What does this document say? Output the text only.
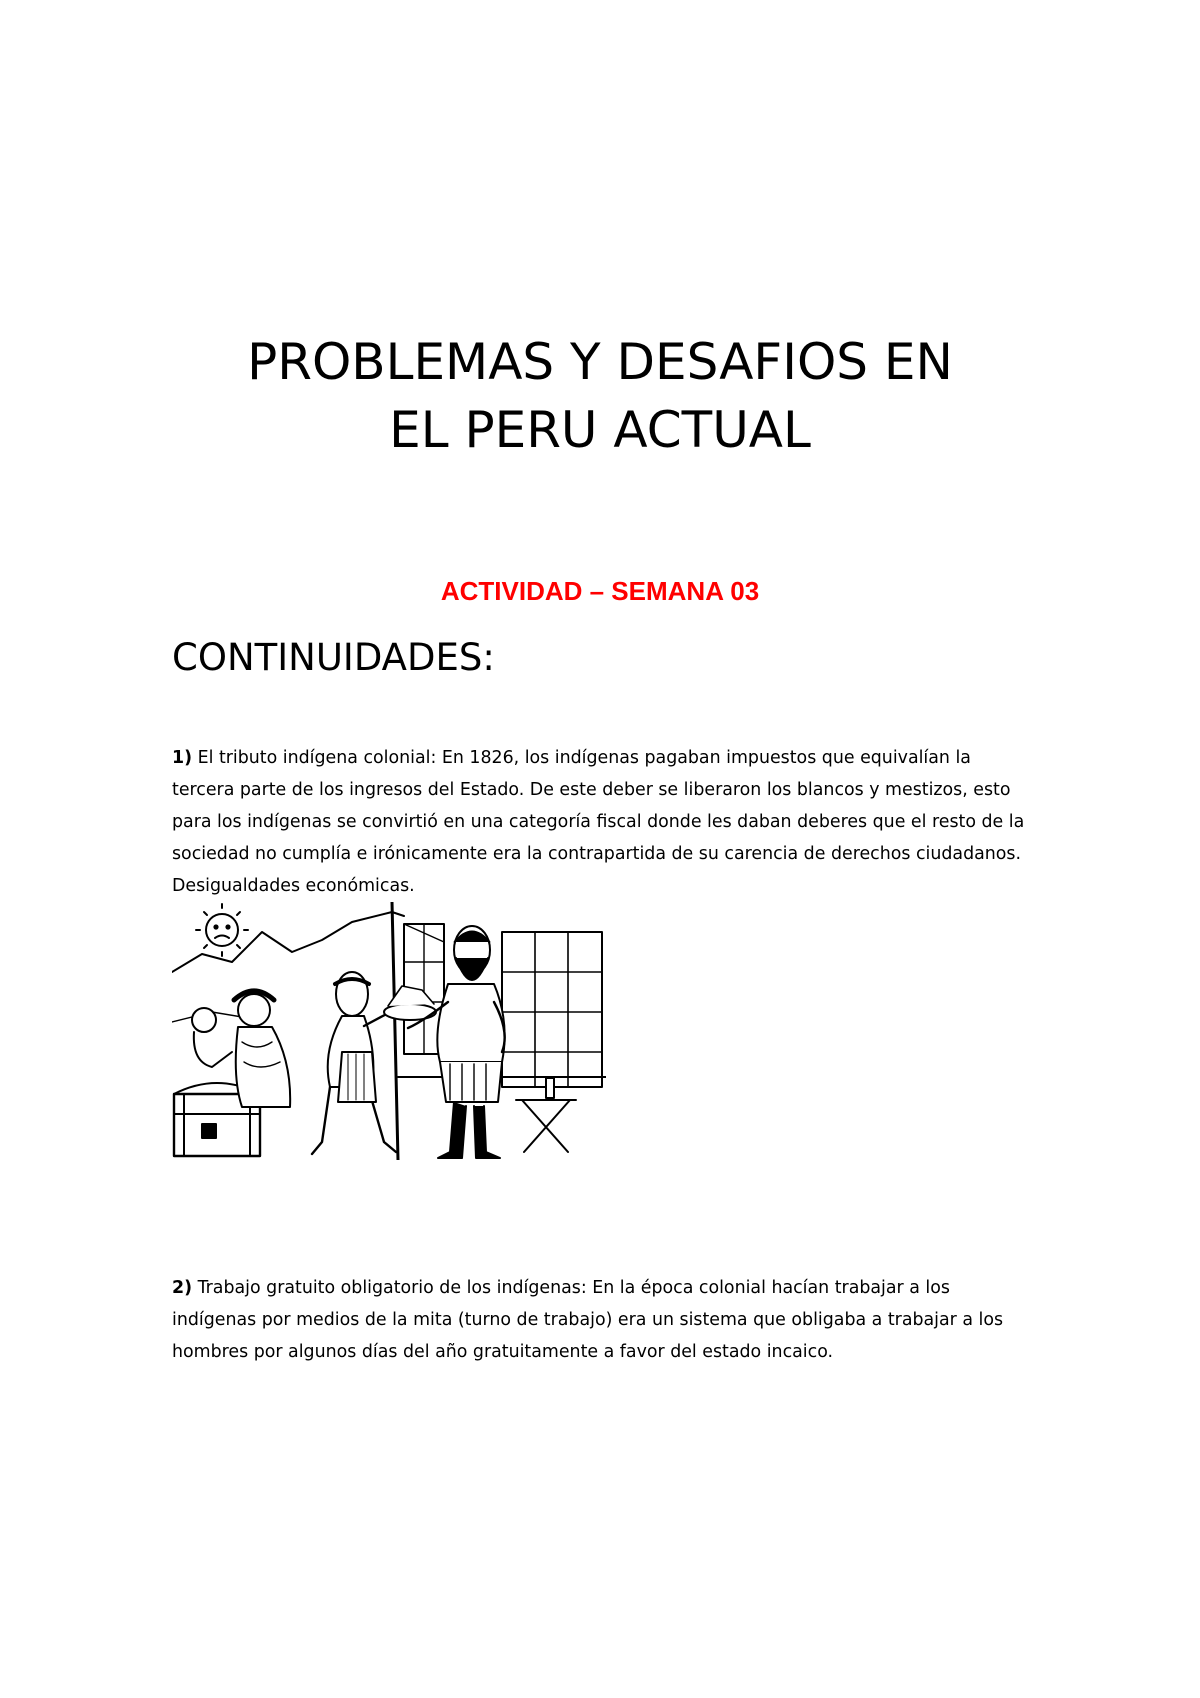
PROBLEMAS Y DESAFIOS EN
EL PERU ACTUAL
ACTIVIDAD – SEMANA 03
CONTINUIDADES:

1) El tributo indígena colonial: En 1826, los indígenas pagaban impuestos que equivalían la tercera parte de los ingresos del Estado. De este deber se liberaron los blancos y mestizos, esto para los indígenas se convirtió en una categoría fiscal donde les daban deberes que el resto de la sociedad no cumplía e irónicamente era la contrapartida de su carencia de derechos ciudadanos. Desigualdades económicas.

2) Trabajo gratuito obligatorio de los indígenas: En la época colonial hacían trabajar a los indígenas por medios de la mita (turno de trabajo) era un sistema que obligaba a trabajar a los hombres por algunos días del año gratuitamente a favor del estado incaico.
